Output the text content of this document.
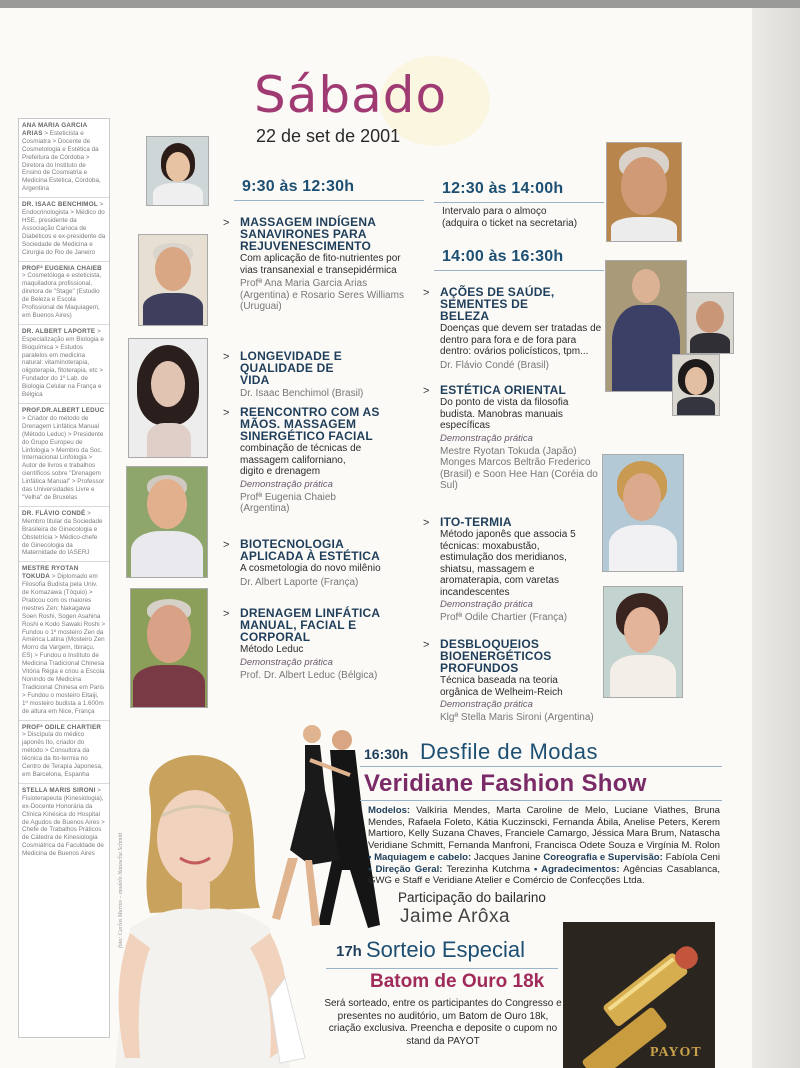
ANA MARIA GARCIA ARIAS > Esteticista e Cosmiatra > Docente de Cosmetologia e Estética da Prefeitura de Córdoba > Diretora do Instituto de Ensino de Cosmiatria e Medicina Estética, Córdoba, Argentina
DR. ISAAC BENCHIMOL > Endocrinologista > Médico do HSE, presidente da Associação Carioca de Diabéticos e ex-presidente da Sociedade de Medicina e Cirurgia do Rio de Janeiro
PROFª EUGENIA CHAIEB > Cosmetóloga e esteticista, maquiladora profissional, diretora de "Stage" (Estudio de Beleza e Escola Profissional de Maquiagem, em Buenos Aires)
DR. ALBERT LAPORTE > Especialização em Biologia e Bioquímica > Estudos paralelos em medicina natural: vitaminoterapia, oligoterapia, fitoterapia, etc > Fundador do 1º Lab. de Biologia Celular na França e Bélgica
PROF.DR.ALBERT LEDUC > Criador do método de Drenagem Linfática Manual (Método Leduc) > Presidente do Grupo Europeu de Linfologia > Membro da Soc. Internacional Linfologia > Autor de livros e trabalhos científicos sobre "Drenagem Linfática Manual" > Professor das Universidades Livre e "Velha" de Bruxelas
DR. FLÁVIO CONDÉ > Membro titular da Sociedade Brasileira de Ginecologia e Obstetrícia > Médico-chefe de Ginecologia da Maternidade do IASERJ
MESTRE RYOTAN TOKUDA > Diplomado em Filosofia Budista pela Univ. de Komazawa (Tóquio) > Praticou com os maiores mestres Zen: Nakagawa Soen Roshi, Sogen Asahina Roshi e Kodo Sawaki Roshi > Fundou o 1º mosteiro Zen da América Latina (Mosteiro Zen Morro da Vargem, Ibiraçu, ES) > Fundou o Instituto de Medicina Tradicional Chinesa Vitória Régia e criou a Escola Nonindo de Medicina Tradicional Chinesa em Paris > Fundou o mosteiro Eitaiji, 1º mosteiro budista a 1.600m de altura em Nice, França
PROFª ODILE CHARTIER > Discípula do médico japonês Ito, criador do método > Consultora da técnica da Ito-termia no Centro de Terapia Japonesa, em Barcelona, Espanha
STELLA MARIS SIRONI > Fisioterapeuta (Kinesiologia), ex-Docente Honorária da Clínica Kinésica do Hospital de Agudos de Buenos Aires > Chefe de Trabalhos Práticos de Cátedra de Kinesiologia Cosmiátrica da Faculdade de Medicina de Buenos Aires
Sábado
22 de set de 2001
9:30 às 12:30h
> MASSAGEM INDÍGENA SANAVIRONES PARA REJUVENESCIMENTO
Com aplicação de fito-nutrientes por vias transanexial e transepidérmica
Profª Ana Maria Garcia Arias (Argentina) e Rosario Seres Williams (Uruguai)
> LONGEVIDADE E QUALIDADE DE VIDA
Dr. Isaac Benchimol (Brasil)
> REENCONTRO COM AS MÃOS. MASSAGEM SINERGÉTICO FACIAL
combinação de técnicas de massagem californiano, digito e drenagem
Demonstração prática
Profª Eugenia Chaieb (Argentina)
> BIOTECNOLOGIA APLICADA À ESTÉTICA
A cosmetologia do novo milênio
Dr. Albert Laporte (França)
> DRENAGEM LINFÁTICA MANUAL, FACIAL E CORPORAL
Método Leduc
Demonstração prática
Prof. Dr. Albert Leduc (Bélgica)
12:30 às 14:00h
Intervalo para o almoço
(adquira o ticket na secretaria)
14:00 às 16:30h
> AÇÕES DE SAÚDE, SEMENTES DE BELEZA
Doenças que devem ser tratadas de dentro para fora e de fora para dentro: ovários policísticos, tpm...
Dr. Flávio Condé (Brasil)
> ESTÉTICA ORIENTAL
Do ponto de vista da filosofia budista. Manobras manuais específicas
Demonstração prática
Mestre Ryotan Tokuda (Japão) Monges Marcos Beltrão Frederico (Brasil) e Soon Hee Han (Coréia do Sul)
> ITO-TERMIA
Método japonês que associa 5 técnicas: moxabustão, estimulação dos meridianos, shiatsu, massagem e aromaterapia, com varetas incandescentes
Demonstração prática
Profª Odile Chartier (França)
> DESBLOQUEIOS BIOENERGÉTICOS PROFUNDOS
Técnica baseada na teoria orgânica de Welheim-Reich
Demonstração prática
Klgª Stella Maris Sironi (Argentina)
foto: Carlos Marins – modelo Natascha Schmitt
16:30h Desfile de Modas
Veridiane Fashion Show
Modelos: Valkíria Mendes, Marta Caroline de Melo, Luciane Viathes, Bruna Mendes, Rafaela Foleto, Kátia Kuczinscki, Fernanda Ábila, Anelise Peters, Kerem Martioro, Kelly Suzana Chaves, Franciele Camargo, Jéssica Mara Brum, Natascha Veridiane Schmitt, Fernanda Manfroni, Francisca Odete Souza e Virgínia M. Rolon • Maquiagem e cabelo: Jacques Janine Coreografia e Supervisão: Fabíola Ceni • Direção Geral: Terezinha Kutchma • Agradecimentos: Agências Casablanca, GWG e Staff e Veridiane Atelier e Comércio de Confecções Ltda.
Participação do bailarino
Jaime Arôxa
17h Sorteio Especial
Batom de Ouro 18k
Será sorteado, entre os participantes do Congresso e presentes no auditório, um Batom de Ouro 18k, criação exclusiva. Preencha e deposite o cupom no stand da PAYOT
PAYOT
